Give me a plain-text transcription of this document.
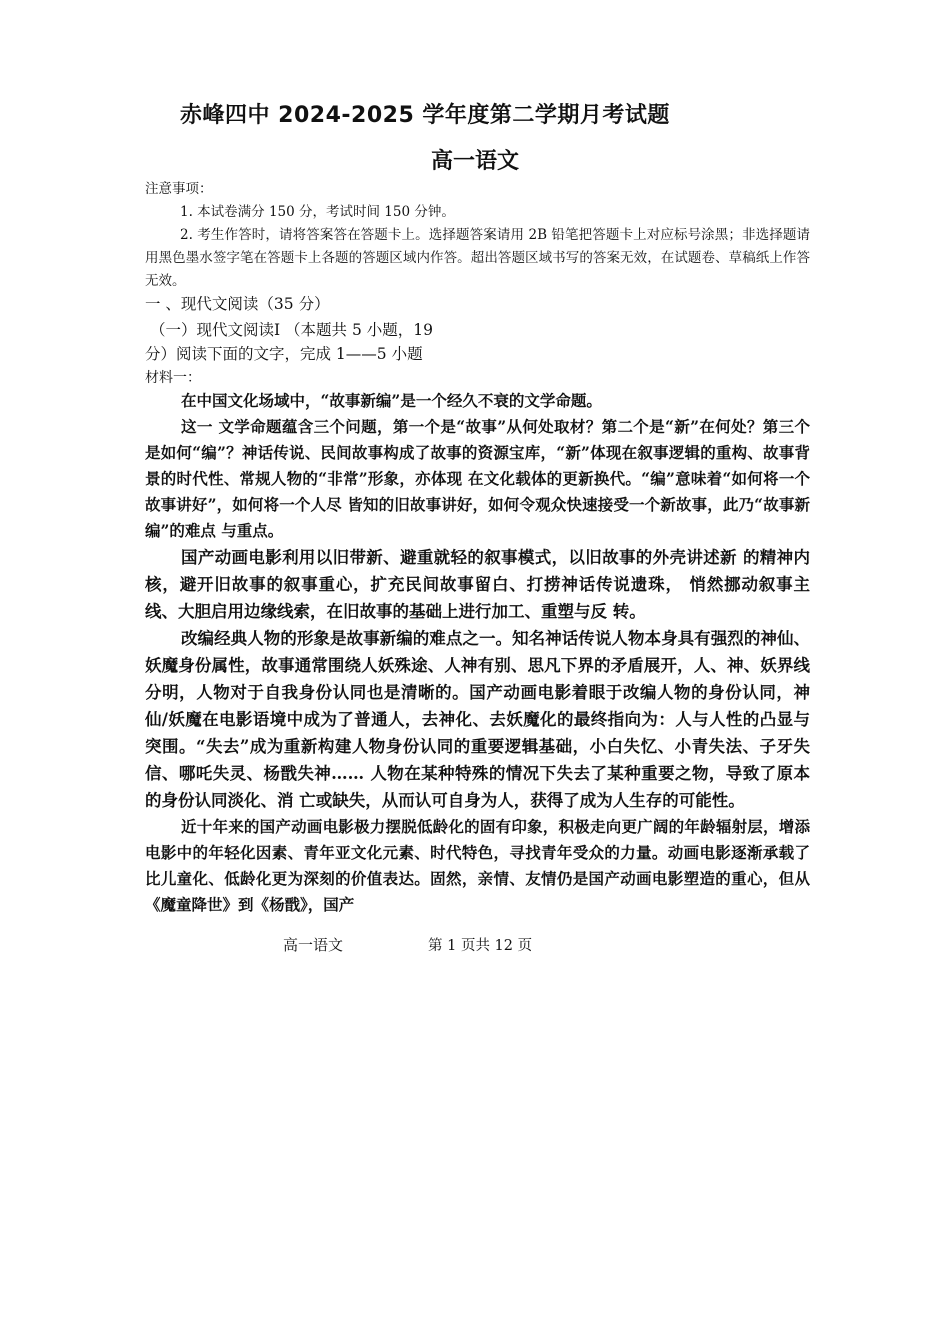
赤峰四中 2024-2025 学年度第二学期月考试题
高一语文

注意事项：

1. 本试卷满分 150 分，考试时间 150 分钟。

2. 考生作答时，请将答案答在答题卡上。选择题答案请用 2B 铅笔把答题卡上对应标号涂黑；非选择题请用黑色墨水签字笔在答题卡上各题的答题区域内作答。超出答题区域书写的答案无效，在试题卷、草稿纸上作答无效。

一 、现代文阅读（35 分）
（一）现代文阅读Ⅰ （本题共 5 小题，19
分）阅读下面的文字，完成 1——5 小题
材料一：

在中国文化场域中，“故事新编”是一个经久不衰的文学命题。

这一 文学命题蕴含三个问题，第一个是“故事”从何处取材？第二个是“新”在何处？第三个是如何“编”？神话传说、民间故事构成了故事的资源宝库，“新”体现在叙事逻辑的重构、故事背景的时代性、常规人物的“非常”形象，亦体现 在文化载体的更新换代。“编”意味着“如何将一个故事讲好”，如何将一个人尽 皆知的旧故事讲好，如何令观众快速接受一个新故事，此乃“故事新编”的难点 与重点。

国产动画电影利用以旧带新、避重就轻的叙事模式，以旧故事的外壳讲述新 的精神内核，避开旧故事的叙事重心，扩充民间故事留白、打捞神话传说遗珠， 悄然挪动叙事主线、大胆启用边缘线索，在旧故事的基础上进行加工、重塑与反 转。

改编经典人物的形象是故事新编的难点之一。知名神话传说人物本身具有强烈的神仙、妖魔身份属性，故事通常围绕人妖殊途、人神有别、思凡下界的矛盾展开，人、神、妖界线分明，人物对于自我身份认同也是清晰的。国产动画电影着眼于改编人物的身份认同，神仙/妖魔在电影语境中成为了普通人，去神化、去妖魔化的最终指向为：人与人性的凸显与突围。“失去”成为重新构建人物身份认同的重要逻辑基础，小白失忆、小青失法、子牙失信、哪吒失灵、杨戬失神…… 人物在某种特殊的情况下失去了某种重要之物，导致了原本的身份认同淡化、消 亡或缺失，从而认可自身为人，获得了成为人生存的可能性。

近十年来的国产动画电影极力摆脱低龄化的固有印象，积极走向更广阔的年龄辐射层，增添电影中的年轻化因素、青年亚文化元素、时代特色，寻找青年受众的力量。动画电影逐渐承载了比儿童化、低龄化更为深刻的价值表达。固然，亲情、友情仍是国产动画电影塑造的重心，但从《魔童降世》到《杨戬》，国产

高一语文	第 1 页共 12 页
